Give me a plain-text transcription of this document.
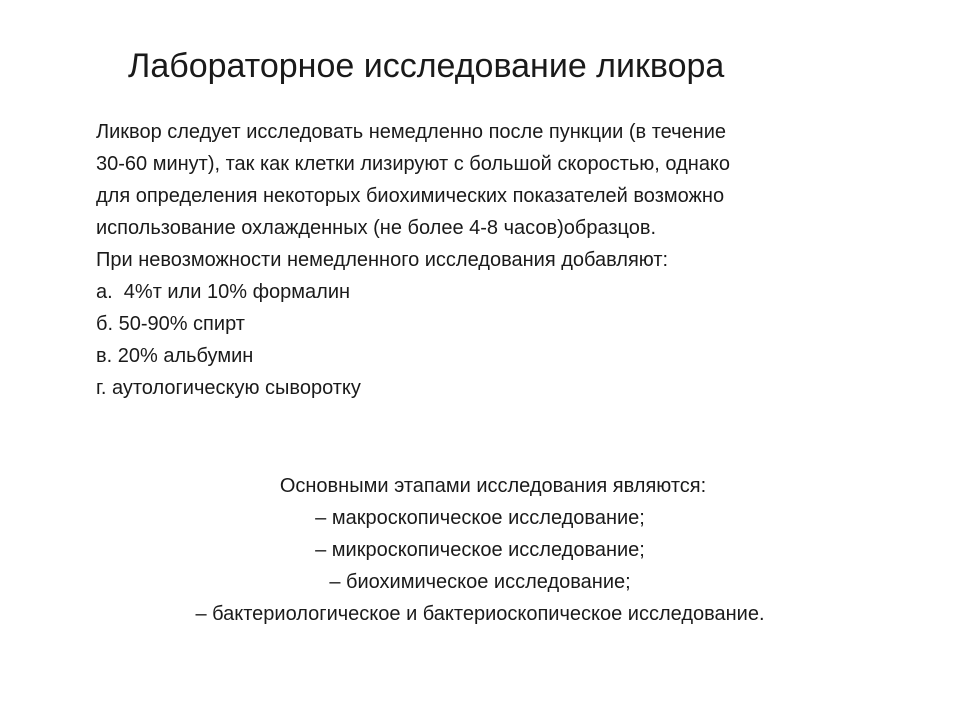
Лабораторное исследование ликвора
Ликвор следует исследовать немедленно после пункции (в течение
30-60 минут), так как клетки лизируют с большой скоростью, однако
для определения некоторых биохимических показателей возможно
использование охлажденных (не более 4-8 часов)образцов.

При невозможности немедленного исследования добавляют:

а.  4%т или 10% формалин
б. 50-90% спирт
в. 20% альбумин
г. аутологическую сыворотку
Основными этапами исследования являются:
– макроскопическое исследование;
– микроскопическое исследование;
– биохимическое исследование;
– бактериологическое и бактериоскопическое исследование.
